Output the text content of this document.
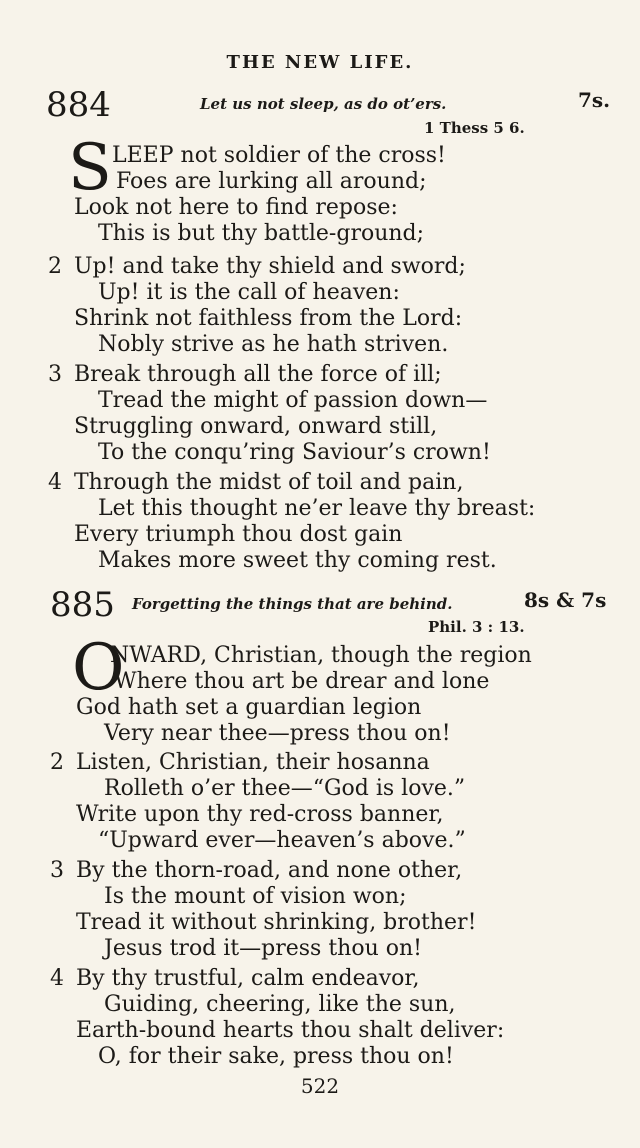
THE NEW LIFE.
884	Let us not sleep, as do ot’ers.	7s.
1 Thess 5 6.
S LEEP not soldier of the cross!
Foes are lurking all around;
Look not here to find repose:
This is but thy battle-ground;
2 Up! and take thy shield and sword;
Up! it is the call of heaven:
Shrink not faithless from the Lord:
Nobly strive as he hath striven.
3 Break through all the force of ill;
Tread the might of passion down—
Struggling onward, onward still,
To the conqu’ring Saviour’s crown!
4 Through the midst of toil and pain,
Let this thought ne’er leave thy breast:
Every triumph thou dost gain
Makes more sweet thy coming rest.
885 Forgetting the things that are behind.	8s & 7s
Phil. 3 : 13.
O
NWARD, Christian, though the region
Where thou art be drear and lone
God hath set a guardian legion
Very near thee—press thou on!
2 Listen, Christian, their hosanna
Rolleth o’er thee—“God is love.”
Write upon thy red-cross banner,
“Upward ever—heaven’s above.”
3 By the thorn-road, and none other,
Is the mount of vision won;
Tread it without shrinking, brother!
Jesus trod it—press thou on!
4 By thy trustful, calm endeavor,
Guiding, cheering, like the sun,
Earth-bound hearts thou shalt deliver:
O, for their sake, press thou on!
522
